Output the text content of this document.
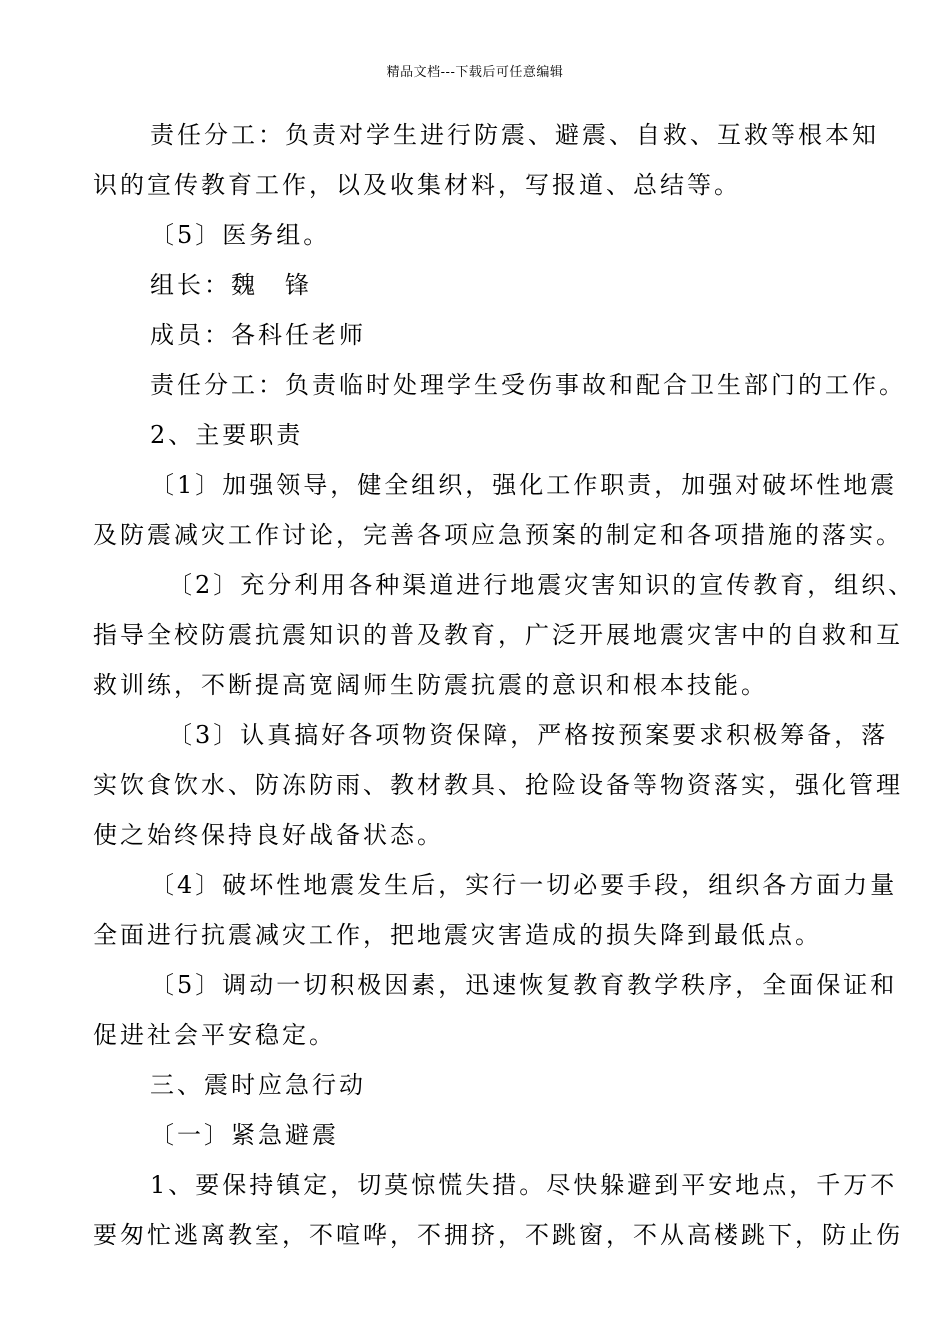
精品文档---下载后可任意编辑

责任分工：负责对学生进行防震、避震、自救、互救等根本知
识的宣传教育工作，以及收集材料，写报道、总结等。

〔5〕医务组。

组长：魏　锋

成员：各科任老师

责任分工：负责临时处理学生受伤事故和配合卫生部门的工作。

2、主要职责

〔1〕加强领导，健全组织，强化工作职责，加强对破坏性地震
及防震减灾工作讨论，完善各项应急预案的制定和各项措施的落实。

〔2〕充分利用各种渠道进行地震灾害知识的宣传教育，组织、
指导全校防震抗震知识的普及教育，广泛开展地震灾害中的自救和互
救训练，不断提高宽阔师生防震抗震的意识和根本技能。

〔3〕认真搞好各项物资保障，严格按预案要求积极筹备，落
实饮食饮水、防冻防雨、教材教具、抢险设备等物资落实，强化管理
使之始终保持良好战备状态。

〔4〕破坏性地震发生后，实行一切必要手段，组织各方面力量
全面进行抗震减灾工作，把地震灾害造成的损失降到最低点。

〔5〕调动一切积极因素，迅速恢复教育教学秩序，全面保证和
促进社会平安稳定。

三、震时应急行动

〔一〕紧急避震

1、要保持镇定，切莫惊慌失措。尽快躲避到平安地点，千万不
要匆忙逃离教室，不喧哗，不拥挤，不跳窗，不从高楼跳下，防止伤
